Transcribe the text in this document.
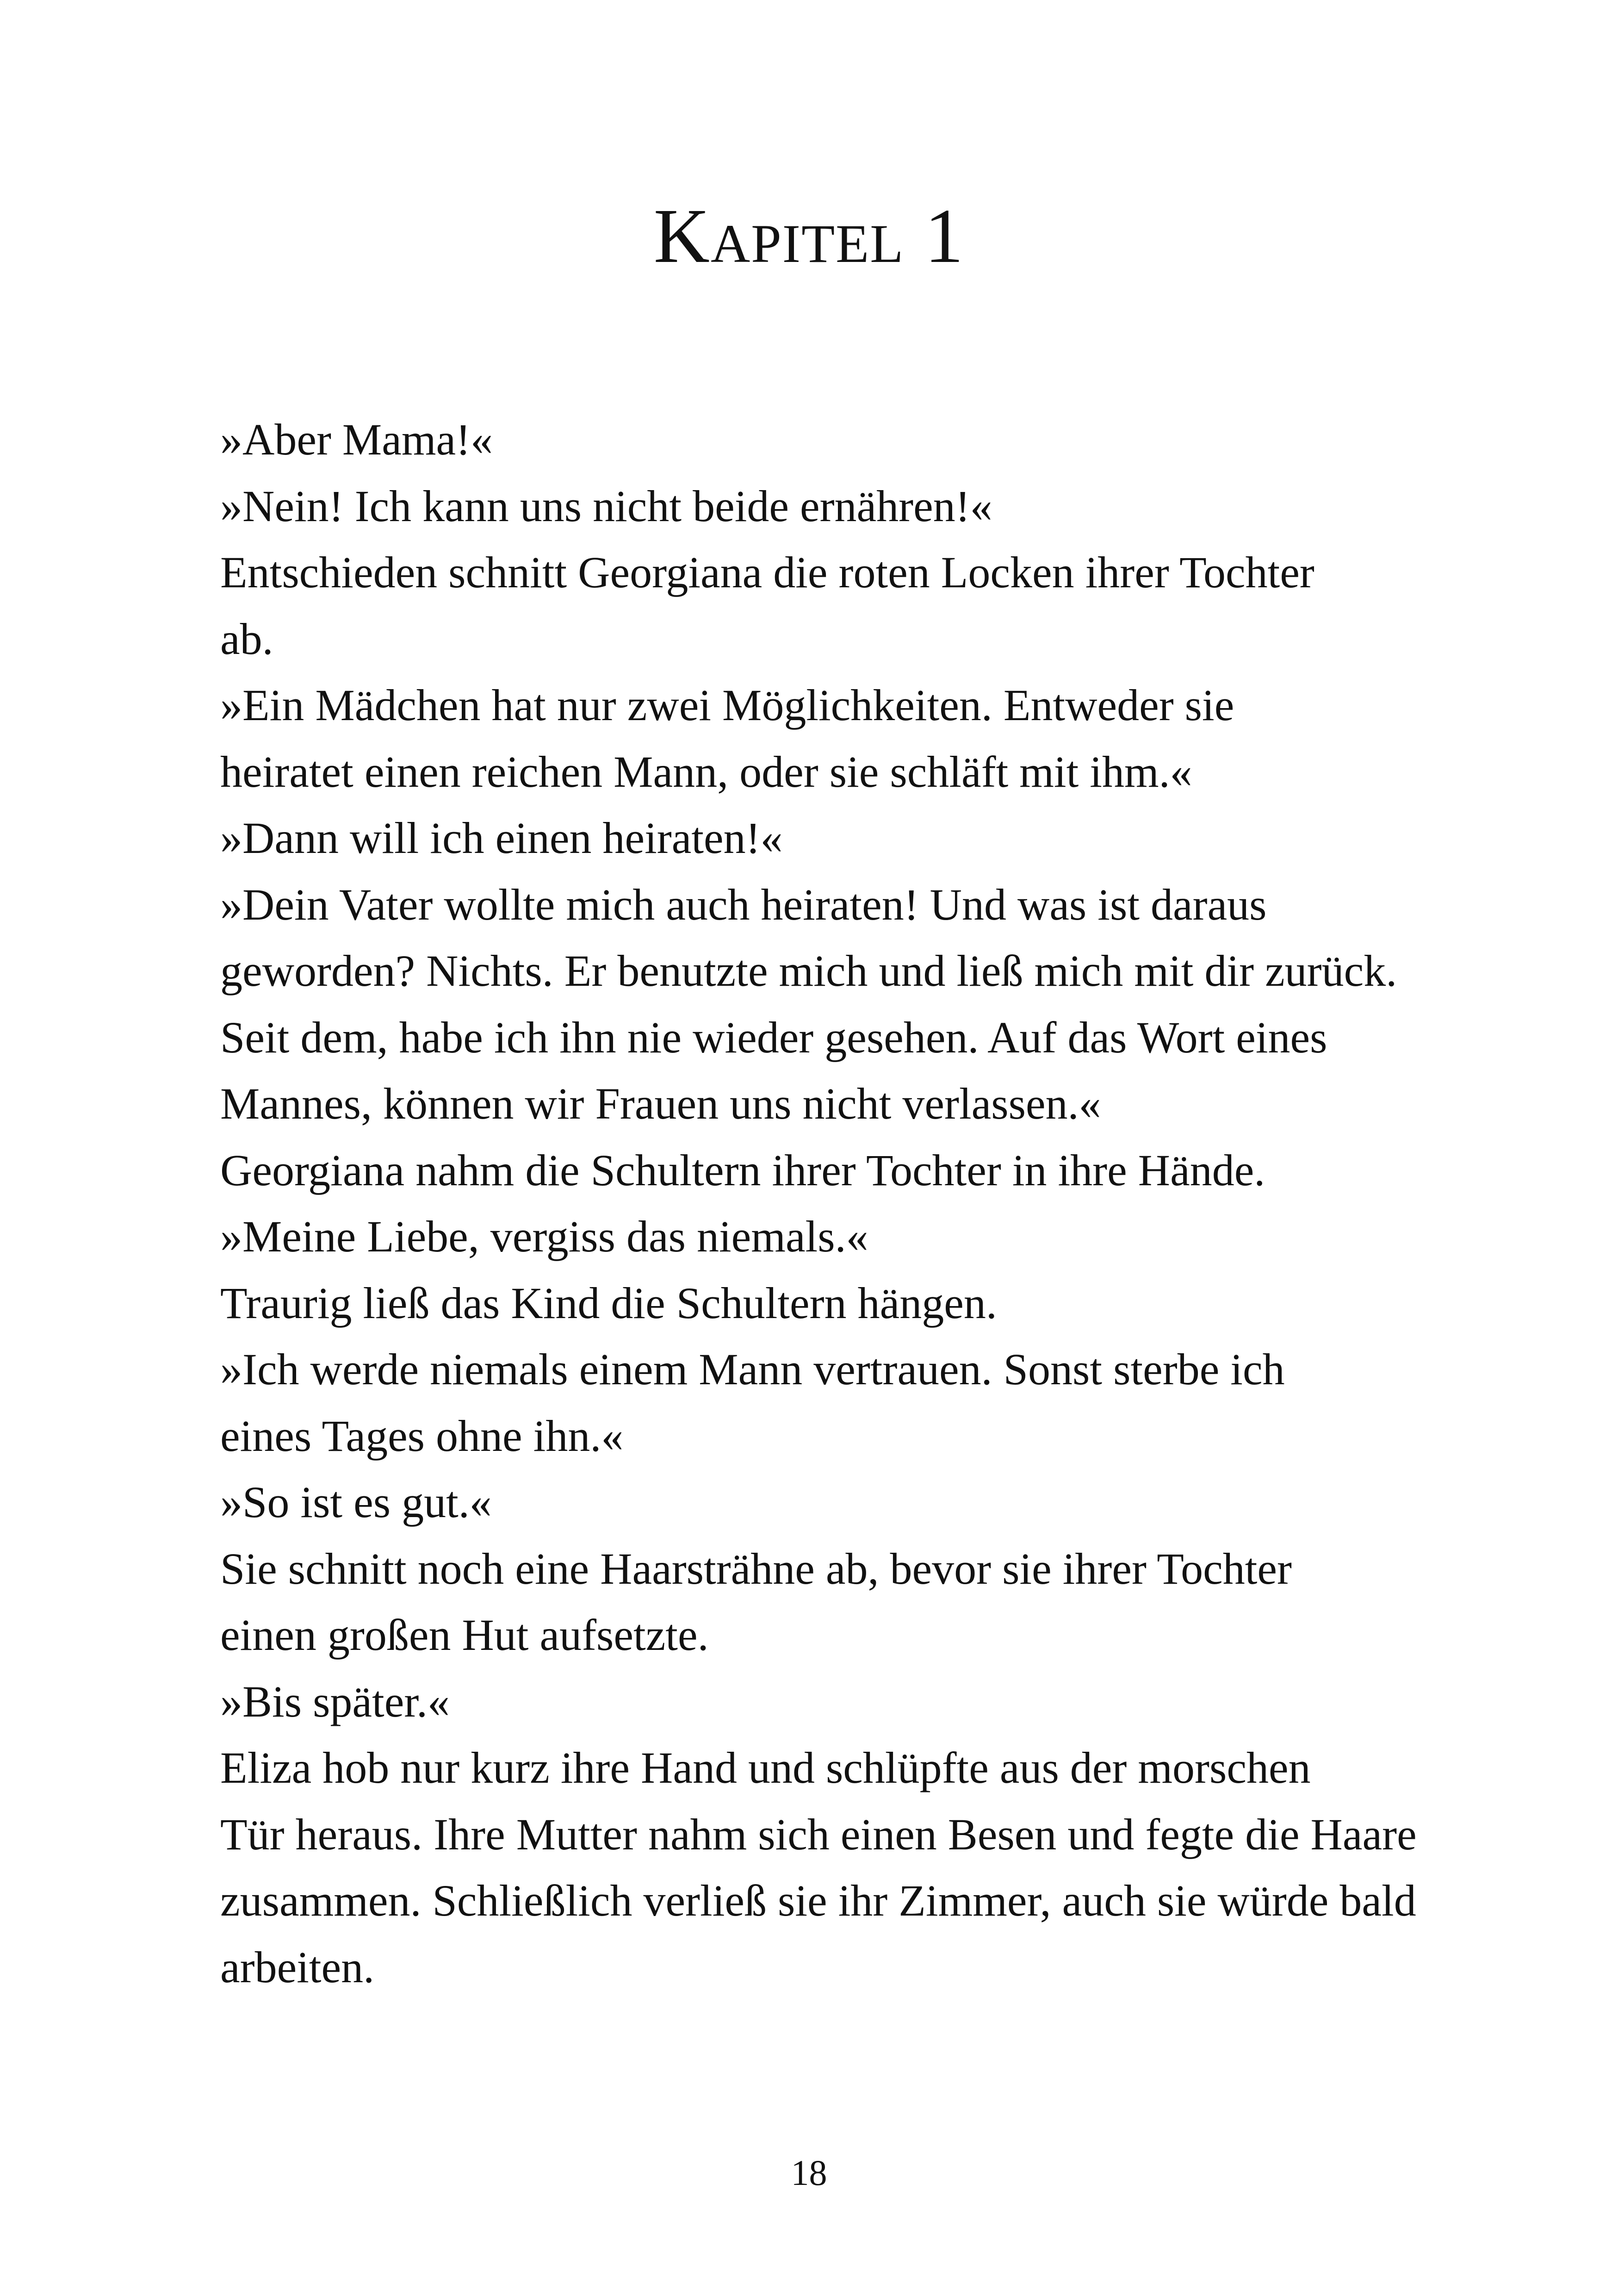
Kapitel 1

»Aber Mama!«

»Nein! Ich kann uns nicht beide ernähren!«

Entschieden schnitt Georgiana die roten Locken ihrer Tochter
ab.

»Ein Mädchen hat nur zwei Möglichkeiten. Entweder sie
heiratet einen reichen Mann, oder sie schläft mit ihm.«

»Dann will ich einen heiraten!«

»Dein Vater wollte mich auch heiraten! Und was ist daraus
geworden? Nichts. Er benutzte mich und ließ mich mit dir zurück.
Seit dem, habe ich ihn nie wieder gesehen. Auf das Wort eines
Mannes, können wir Frauen uns nicht verlassen.«

Georgiana nahm die Schultern ihrer Tochter in ihre Hände.

»Meine Liebe, vergiss das niemals.«

Traurig ließ das Kind die Schultern hängen.

»Ich werde niemals einem Mann vertrauen. Sonst sterbe ich
eines Tages ohne ihn.«

»So ist es gut.«

Sie schnitt noch eine Haarsträhne ab, bevor sie ihrer Tochter
einen großen Hut aufsetzte.

»Bis später.«

Eliza hob nur kurz ihre Hand und schlüpfte aus der morschen
Tür heraus. Ihre Mutter nahm sich einen Besen und fegte die Haare
zusammen. Schließlich verließ sie ihr Zimmer, auch sie würde bald
arbeiten.

18
